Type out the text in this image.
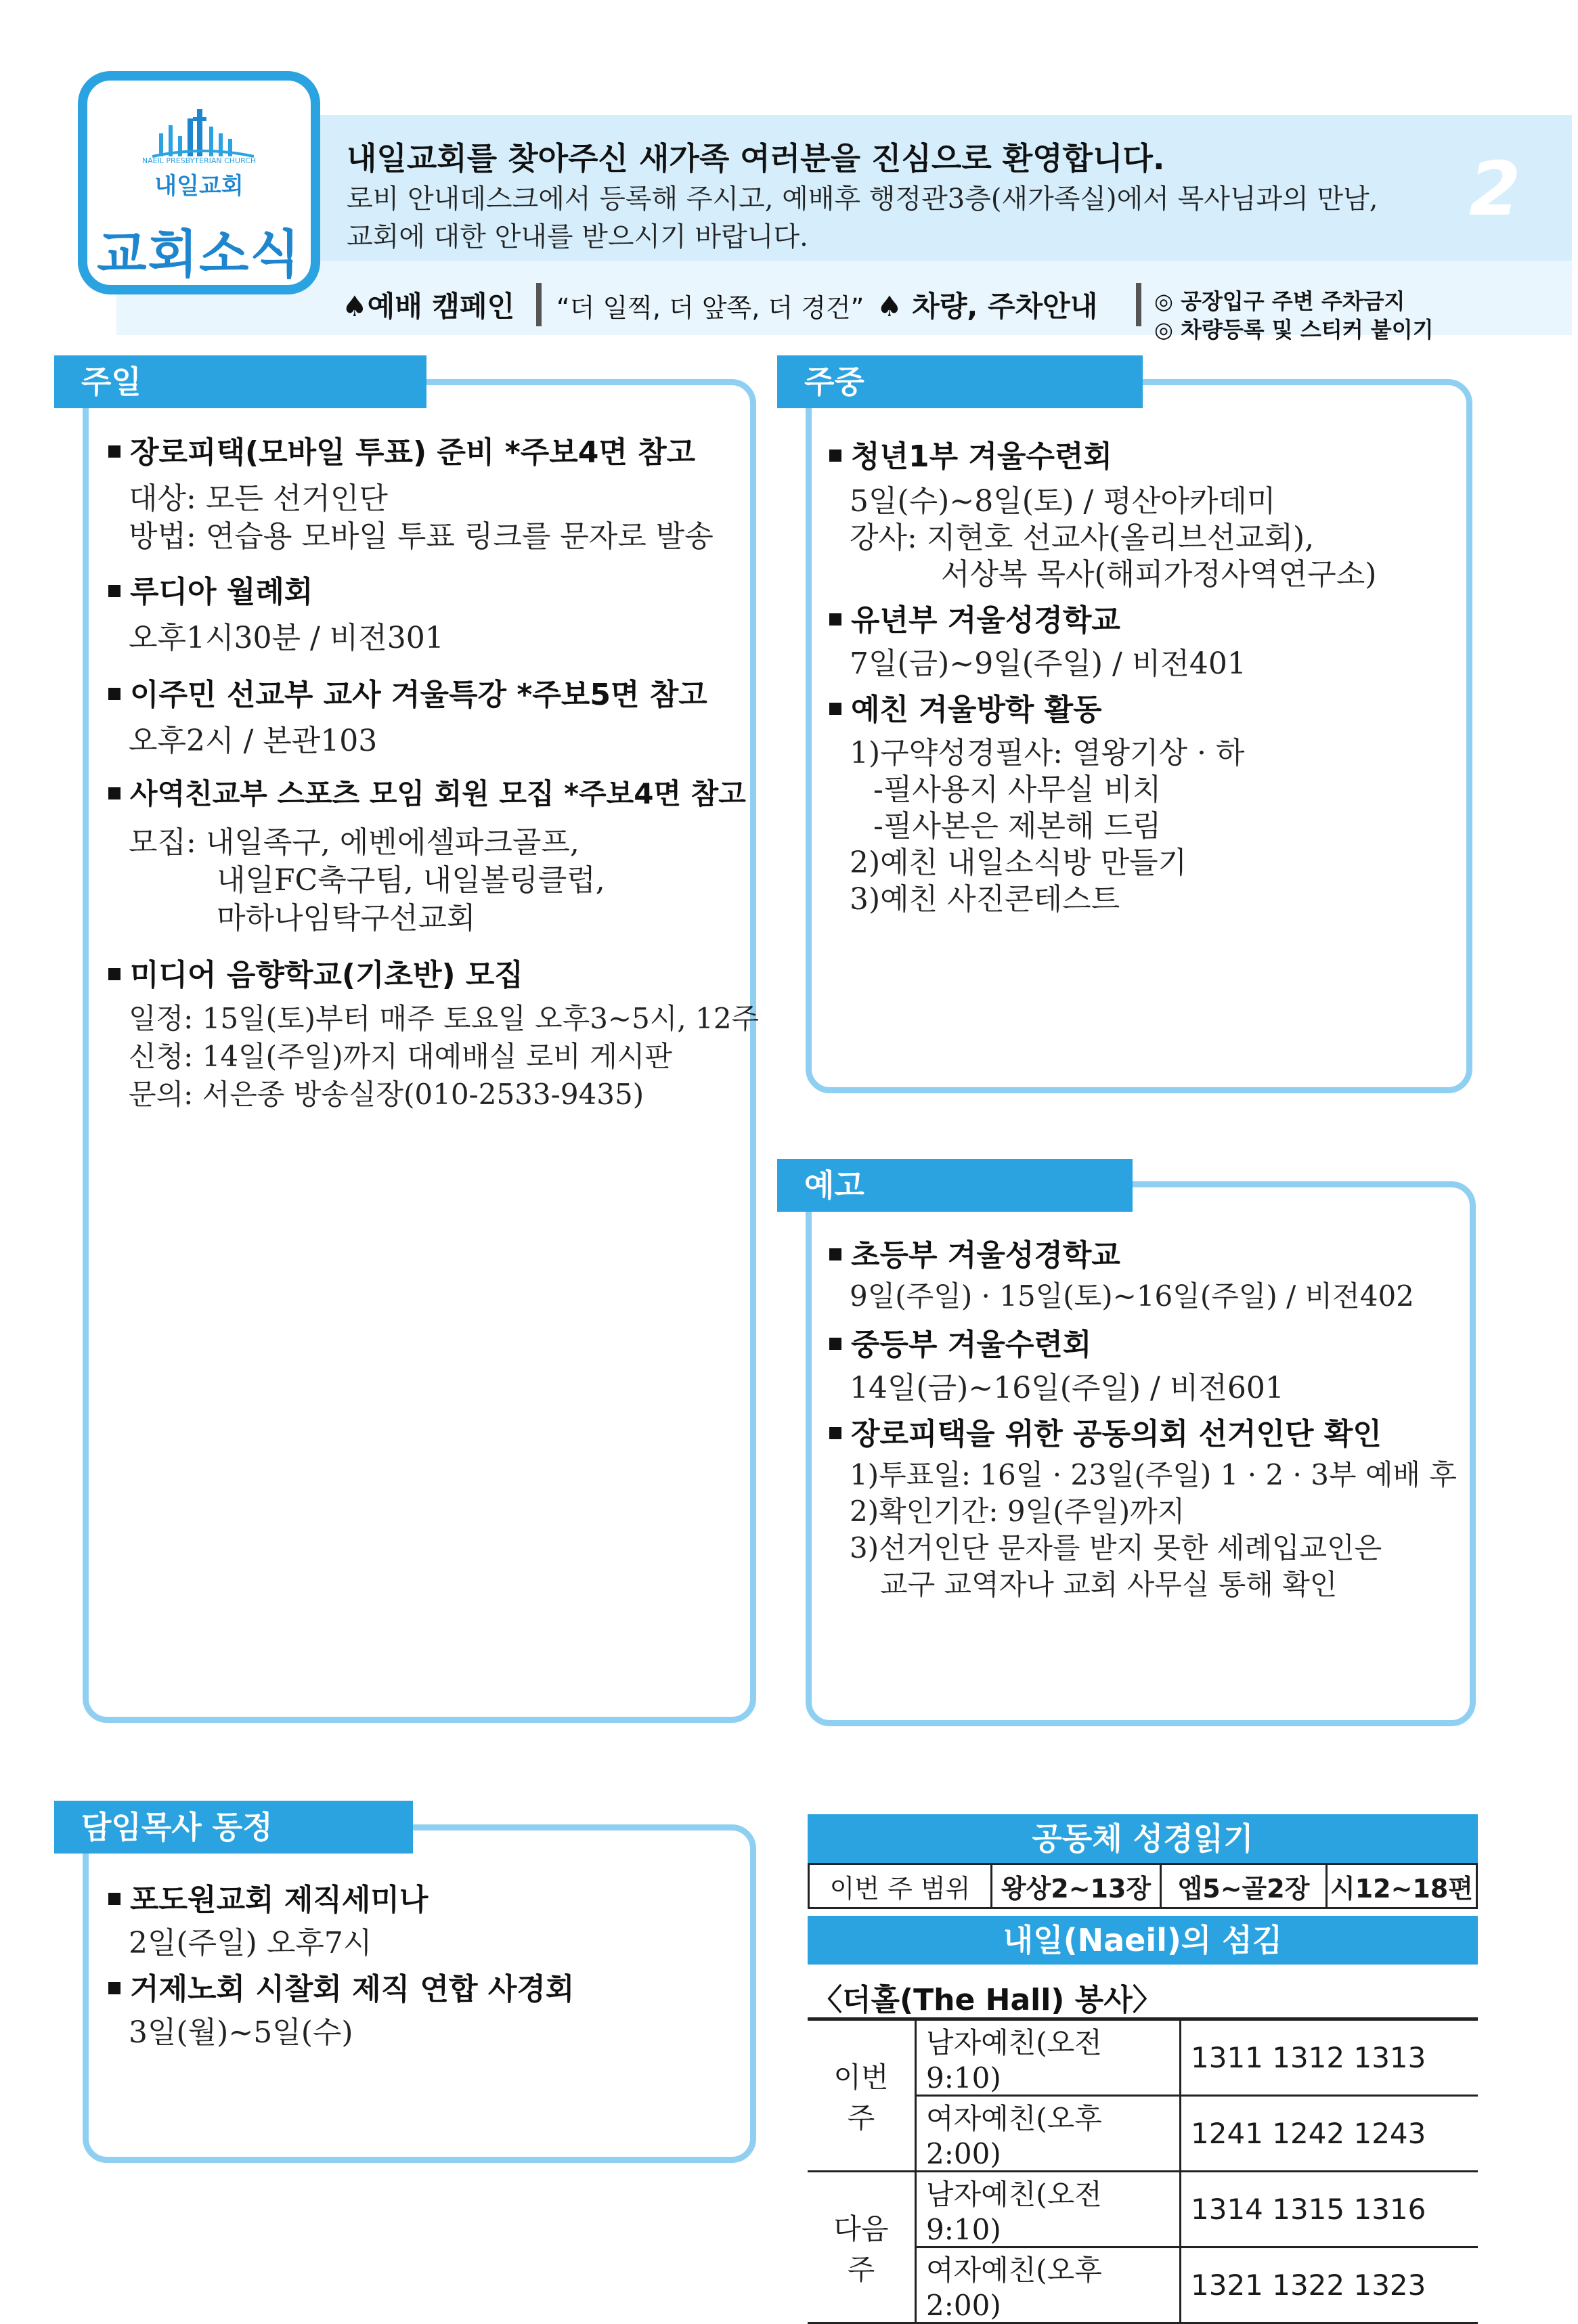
NAEIL PRESBYTERIAN CHURCH
내일교회
교회소식
내일교회를 찾아주신 새가족 여러분을 진심으로 환영합니다.
로비 안내데스크에서 등록해 주시고, 예배후 행정관3층(새가족실)에서 목사님과의 만남,
교회에 대한 안내를 받으시기 바랍니다.
2
♠예배 캠페인 “더 일찍, 더 앞쪽, 더 경건” ♠ 차량, 주차안내	◎ 공장입구 주변 주차금지
◎ 차량등록 및 스티커 붙이기
주일
장로피택(모바일 투표) 준비 *주보4면 참고
대상: 모든 선거인단
방법: 연습용 모바일 투표 링크를 문자로 발송
루디아 월례회
오후1시30분 / 비전301
이주민 선교부 교사 겨울특강 *주보5면 참고
오후2시 / 본관103
사역친교부 스포츠 모임 회원 모집 *주보4면 참고
모집: 내일족구, 에벤에셀파크골프,
내일FC축구팀, 내일볼링클럽,
마하나임탁구선교회
미디어 음향학교(기초반) 모집
일정: 15일(토)부터 매주 토요일 오후3~5시, 12주
신청: 14일(주일)까지 대예배실 로비 게시판
문의: 서은종 방송실장(010-2533-9435)
주중
청년1부 겨울수련회
5일(수)~8일(토) / 평산아카데미
강사: 지현호 선교사(올리브선교회),
서상복 목사(해피가정사역연구소)
유년부 겨울성경학교
7일(금)~9일(주일) / 비전401
예친 겨울방학 활동
1)구약성경필사: 열왕기상 · 하
-필사용지 사무실 비치
-필사본은 제본해 드림
2)예친 내일소식방 만들기
3)예친 사진콘테스트
예고
초등부 겨울성경학교
9일(주일) · 15일(토)~16일(주일) / 비전402
중등부 겨울수련회
14일(금)~16일(주일) / 비전601
장로피택을 위한 공동의회 선거인단 확인
1)투표일: 16일 · 23일(주일) 1 · 2 · 3부 예배 후
2)확인기간: 9일(주일)까지
3)선거인단 문자를 받지 못한 세례입교인은
교구 교역자나 교회 사무실 통해 확인
담임목사 동정
포도원교회 제직세미나
2일(주일) 오후7시
거제노회 시찰회 제직 연합 사경회
3일(월)~5일(수)
공동체 성경읽기
이번 주 범위	왕상2~13장	엡5~골2장	시12~18편
내일(Naeil)의 섬김
〈더홀(The Hall) 봉사〉
이번 주	남자예친(오전9:10)	1311 1312 1313
	여자예친(오후2:00)	1241 1242 1243
다음 주	남자예친(오전9:10)	1314 1315 1316
	여자예친(오후2:00)	1321 1322 1323
